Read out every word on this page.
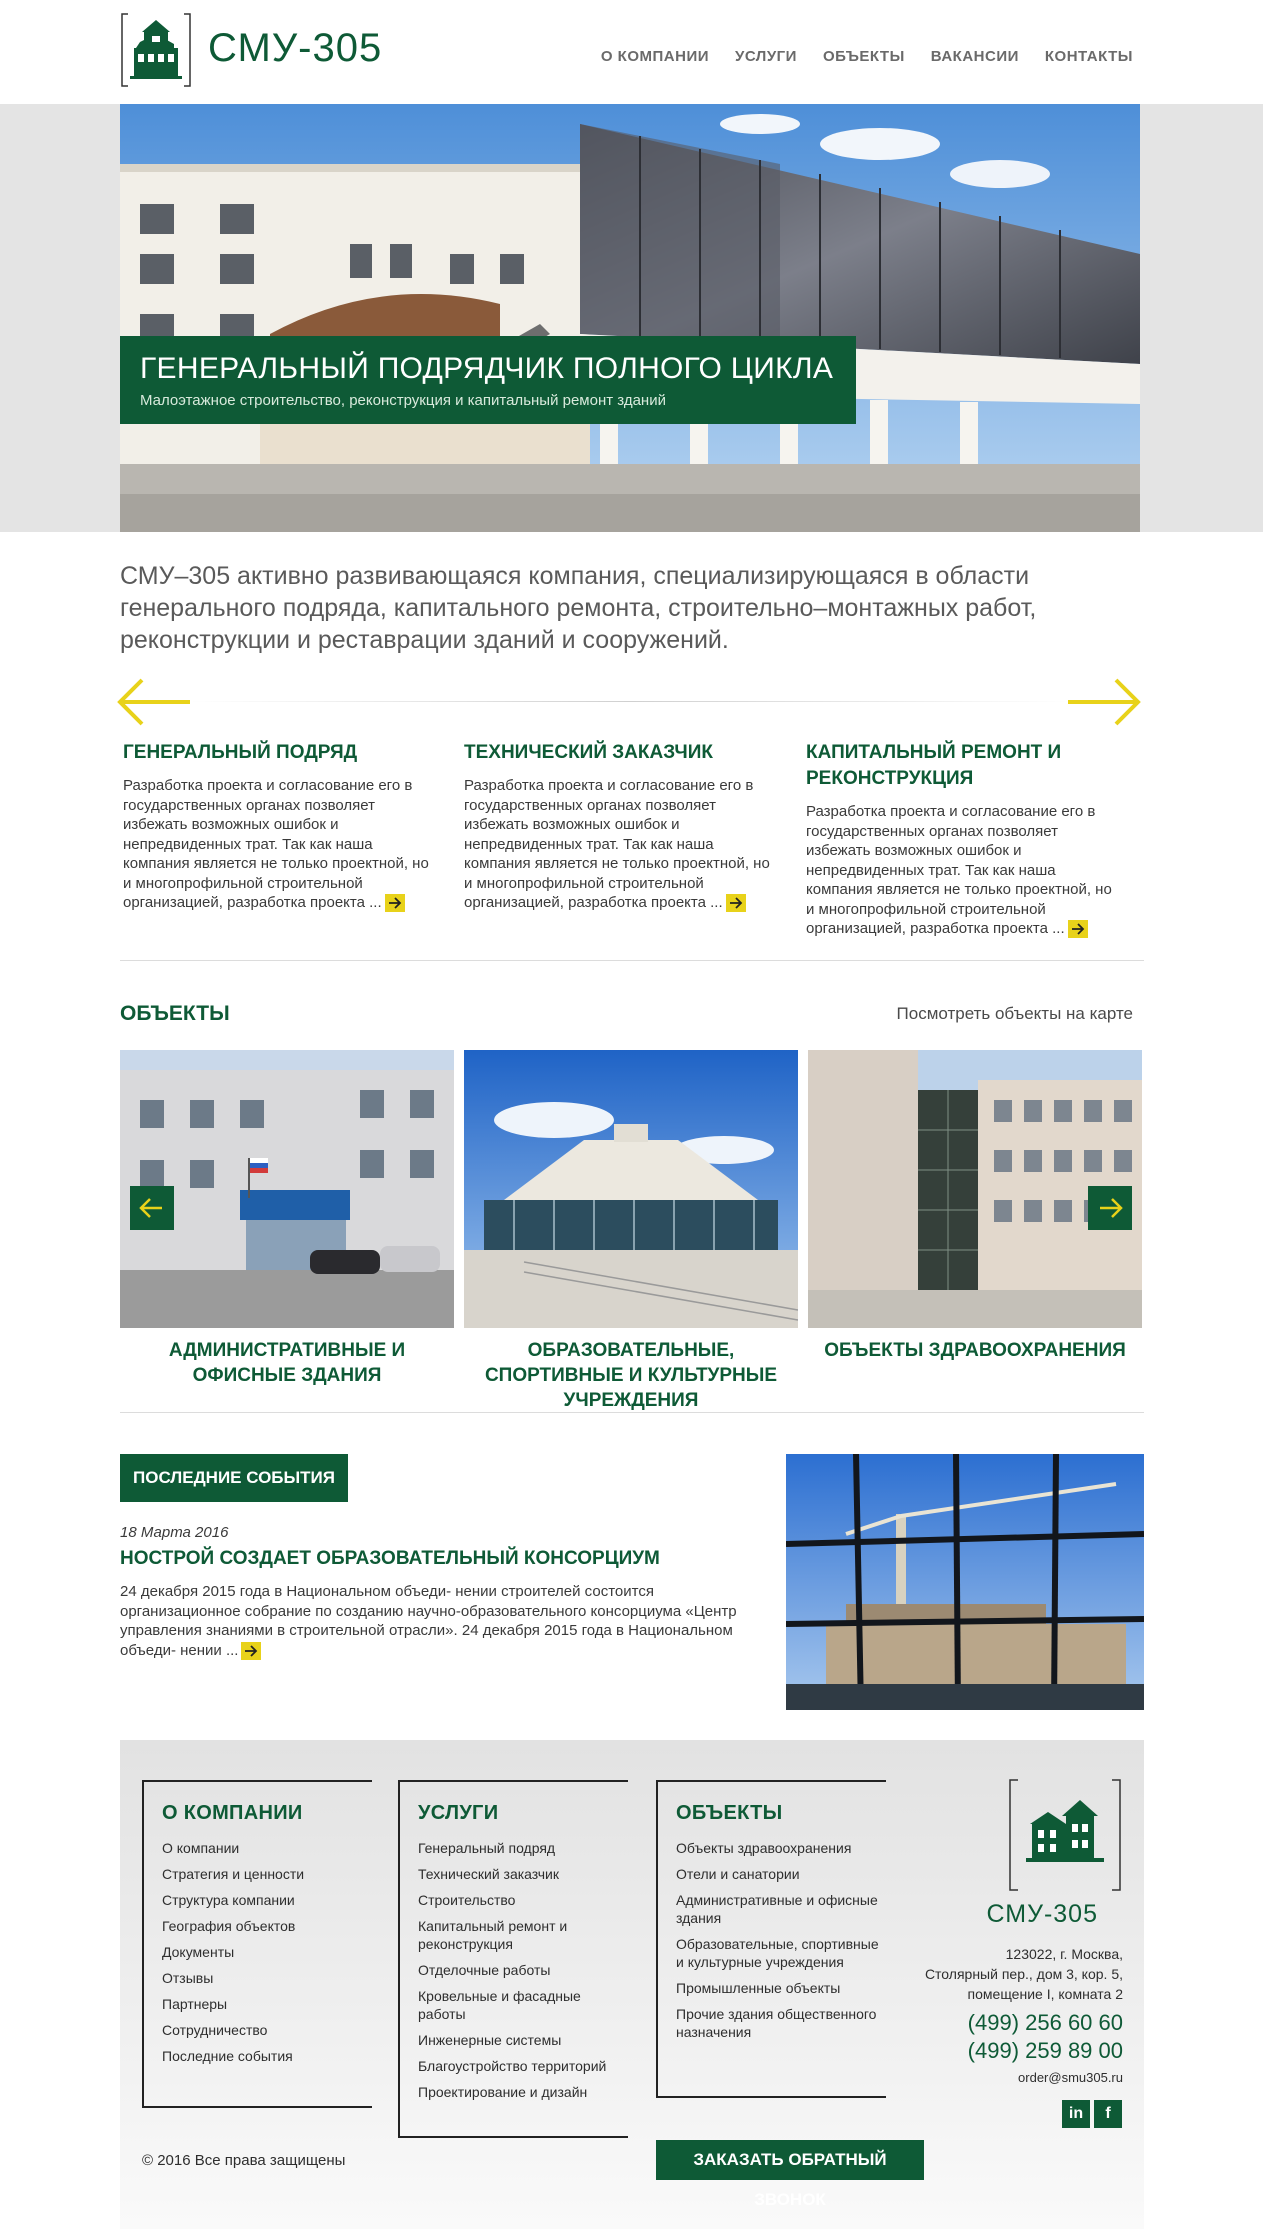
СМУ-305	О КОМПАНИИ УСЛУГИ ОБЪЕКТЫ ВАКАНСИИ КОНТАКТЫ
ГЕНЕРАЛЬНЫЙ ПОДРЯДЧИК ПОЛНОГО ЦИКЛА
Малоэтажное строительство, реконструкция и капитальный ремонт зданий
СМУ–305 активно развивающаяся компания, специализирующаяся в области генерального подряда, капитального ремонта, строительно–монтажных работ, реконструкции и реставрации зданий и сооружений.
ГЕНЕРАЛЬНЫЙ ПОДРЯД

Разработка проекта и согласование его в государственных органах позволяет избежать возможных ошибок и непредвиденных трат. Так как наша компания является не только проектной, но и многопрофильной строительной организацией, разработка проекта ...

ТЕХНИЧЕСКИЙ ЗАКАЗЧИК

Разработка проекта и согласование его в государственных органах позволяет избежать возможных ошибок и непредвиденных трат. Так как наша компания является не только проектной, но и многопрофильной строительной организацией, разработка проекта ...

КАПИТАЛЬНЫЙ РЕМОНТ И РЕКОНСТРУКЦИЯ

Разработка проекта и согласование его в государственных органах позволяет избежать возможных ошибок и непредвиденных трат. Так как наша компания является не только проектной, но и многопрофильной строительной организацией, разработка проекта ...

ОБЪЕКТЫ	Посмотреть объекты на карте
АДМИНИСТРАТИВНЫЕ И ОФИСНЫЕ ЗДАНИЯ
ОБРАЗОВАТЕЛЬНЫЕ, СПОРТИВНЫЕ И КУЛЬТУРНЫЕ УЧРЕЖДЕНИЯ
ОБЪЕКТЫ ЗДРАВООХРАНЕНИЯ
ПОСЛЕДНИЕ СОБЫТИЯ
18 Марта 2016
НОСТРОЙ СОЗДАЕТ ОБРАЗОВАТЕЛЬНЫЙ КОНСОРЦИУМ
24 декабря 2015 года в Национальном объеди- нении строителей состоится организационное собрание по созданию научно-образовательного консорциума «Центр управления знаниями в строительной отрасли». 24 декабря 2015 года в Национальном объеди- нении ...
О КОМПАНИИ
О компании
Стратегия и ценности
Структура компании
География объектов
Документы
Отзывы
Партнеры
Сотрудничество
Последние события
УСЛУГИ
Генеральный подряд
Технический заказчик
Строительство
Капитальный ремонт и реконструкция
Отделочные работы
Кровельные и фасадные работы
Инженерные системы
Благоустройство территорий
Проектирование и дизайн
ОБЪЕКТЫ
Объекты здравоохранения
Отели и санатории
Административные и офисные здания
Образовательные, спортивные и культурные учреждения
Промышленные объекты
Прочие здания общественного назначения
СМУ-305
123022, г. Москва,
Столярный пер., дом 3, кор. 5,
помещение I, комната 2
(499) 256 60 60
(499) 259 89 00
order@smu305.ru
in	f
ЗАКАЗАТЬ ОБРАТНЫЙ ЗВОНОК
© 2016 Все права защищены
